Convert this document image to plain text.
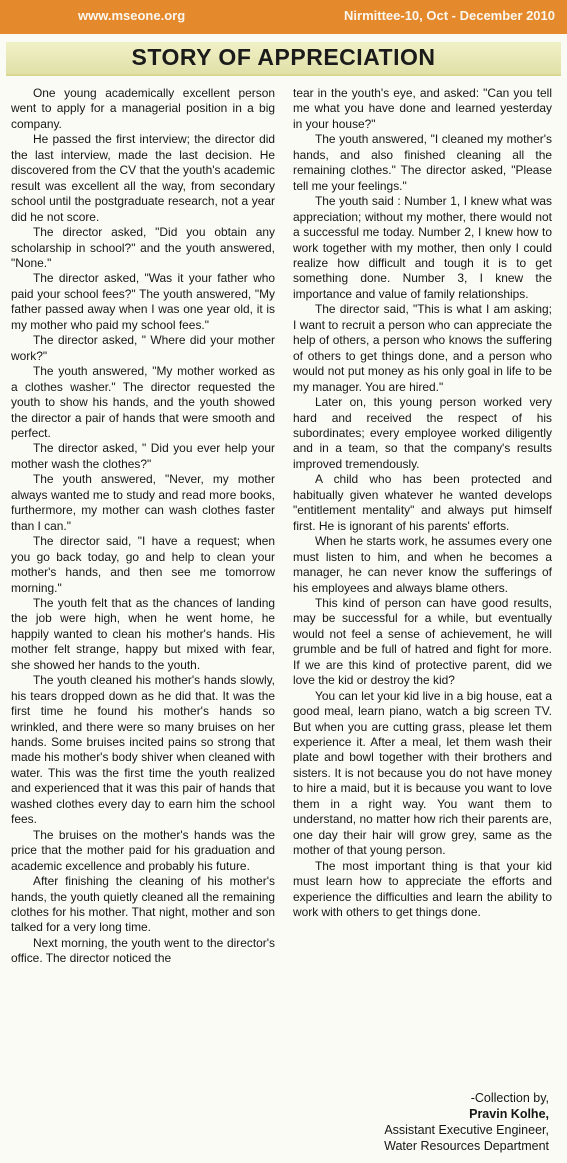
www.mseone.org	Nirmittee-10, Oct - December 2010
STORY OF APPRECIATION

One young academically excellent person went to apply for a managerial position in a big company.

He passed the first interview; the director did the last interview, made the last decision. He discovered from the CV that the youth's academic result was excellent all the way, from secondary school until the postgraduate research, not a year did he not score.

The director asked, "Did you obtain any scholarship in school?" and the youth answered, "None."

The director asked, "Was it your father who paid your school fees?" The youth answered, "My father passed away when I was one year old, it is my mother who paid my school fees."

The director asked, " Where did your mother work?"

The youth answered, "My mother worked as a clothes washer." The director requested the youth to show his hands, and the youth showed the director a pair of hands that were smooth and perfect.

The director asked, " Did you ever help your mother wash the clothes?"

The youth answered, "Never, my mother always wanted me to study and read more books, furthermore, my mother can wash clothes faster than I can."

The director said, "I have a request; when you go back today, go and help to clean your mother's hands, and then see me tomorrow morning."

The youth felt that as the chances of landing the job were high, when he went home, he happily wanted to clean his mother's hands. His mother felt strange, happy but mixed with fear, she showed her hands to the youth.

The youth cleaned his mother's hands slowly, his tears dropped down as he did that. It was the first time he found his mother's hands so wrinkled, and there were so many bruises on her hands. Some bruises incited pains so strong that made his mother's body shiver when cleaned with water. This was the first time the youth realized and experienced that it was this pair of hands that washed clothes every day to earn him the school fees.

The bruises on the mother's hands was the price that the mother paid for his graduation and academic excellence and probably his future.

After finishing the cleaning of his mother's hands, the youth quietly cleaned all the remaining clothes for his mother. That night, mother and son talked for a very long time.

Next morning, the youth went to the director's office. The director noticed the

tear in the youth's eye, and asked: "Can you tell me what you have done and learned yesterday in your house?"

The youth answered, "I cleaned my mother's hands, and also finished cleaning all the remaining clothes." The director asked, "Please tell me your feelings."

The youth said : Number 1, I knew what was appreciation; without my mother, there would not a successful me today. Number 2, I knew how to work together with my mother, then only I could realize how difficult and tough it is to get something done. Number 3, I knew the importance and value of family relationships.

The director said, "This is what I am asking; I want to recruit a person who can appreciate the help of others, a person who knows the suffering of others to get things done, and a person who would not put money as his only goal in life to be my manager. You are hired."

Later on, this young person worked very hard and received the respect of his subordinates; every employee worked diligently and in a team, so that the company's results improved tremendously.

A child who has been protected and habitually given whatever he wanted develops "entitlement mentality" and always put himself first. He is ignorant of his parents' efforts.

When he starts work, he assumes every one must listen to him, and when he becomes a manager, he can never know the sufferings of his employees and always blame others.

This kind of person can have good results, may be successful for a while, but eventually would not feel a sense of achievement, he will grumble and be full of hatred and fight for more. If we are this kind of protective parent, did we love the kid or destroy the kid?

You can let your kid live in a big house, eat a good meal, learn piano, watch a big screen TV. But when you are cutting grass, please let them experience it. After a meal, let them wash their plate and bowl together with their brothers and sisters. It is not because you do not have money to hire a maid, but it is because you want to love them in a right way. You want them to understand, no matter how rich their parents are, one day their hair will grow grey, same as the mother of that young person.

The most important thing is that your kid must learn how to appreciate the efforts and experience the difficulties and learn the ability to work with others to get things done.

-Collection by,
Pravin Kolhe,
Assistant Executive Engineer,
Water Resources Department
